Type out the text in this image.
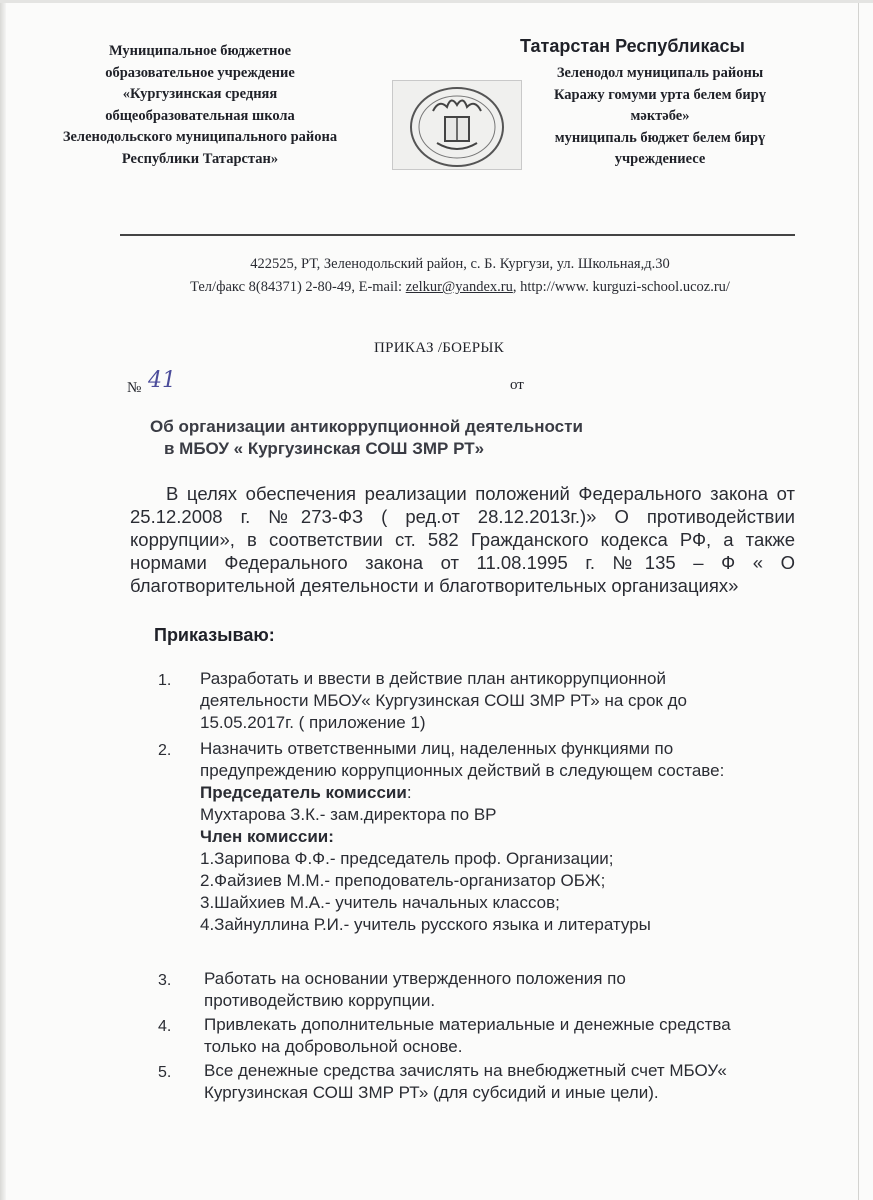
Муниципальное бюджетное
образовательное учреждение
«Кургузинская средняя
общеобразовательная школа
Зеленодольского муниципального района
Республики Татарстан»
Татарстан Республикасы
Зеленодол муниципаль районы
Каражу гомуми урта белем бирү
мәктәбе»
муниципаль бюджет белем бирү
учреждениесе
422525, РТ, Зеленодольский район, с. Б. Кургузи, ул. Школьная,д.30
Тел/факс 8(84371) 2-80-49, E-mail: zelkur@yandex.ru, http://www. kurguzi-school.ucoz.ru/
ПРИКАЗ /БОЕРЫК
№ 41	от
Об организации антикоррупционной деятельности
в МБОУ « Кургузинская СОШ ЗМР РТ»
В целях обеспечения реализации положений Федерального закона от
25.12.2008 г. №273-ФЗ ( ред.от 28.12.2013г.)» О противодействии
коррупции», в соответствии ст. 582 Гражданского кодекса РФ, а также
нормами Федерального закона от 11.08.1995 г. №135 – Ф « О
благотворительной деятельности и благотворительных организациях»
Приказываю:
1.	Разработать и ввести в действие план антикоррупционной
деятельности МБОУ« Кургузинская СОШ ЗМР РТ» на срок до
15.05.2017г. ( приложение 1)
2.	Назначить ответственными лиц, наделенных функциями по
предупреждению коррупционных действий в следующем составе:
Председатель комиссии:
Мухтарова З.К.- зам.директора по ВР
Член комиссии:
1.Зарипова Ф.Ф.- председатель проф. Организации;
2.Файзиев М.М.- преподователь-организатор ОБЖ;
3.Шайхиев М.А.- учитель начальных классов;
4.Зайнуллина Р.И.- учитель русского языка и литературы
3.	Работать на основании утвержденного положения по
противодействию коррупции.
4.	Привлекать дополнительные материальные и денежные средства
только на добровольной основе.
5.	Все денежные средства зачислять на внебюджетный счет МБОУ«
Кургузинская СОШ ЗМР РТ» (для субсидий и иные цели).
